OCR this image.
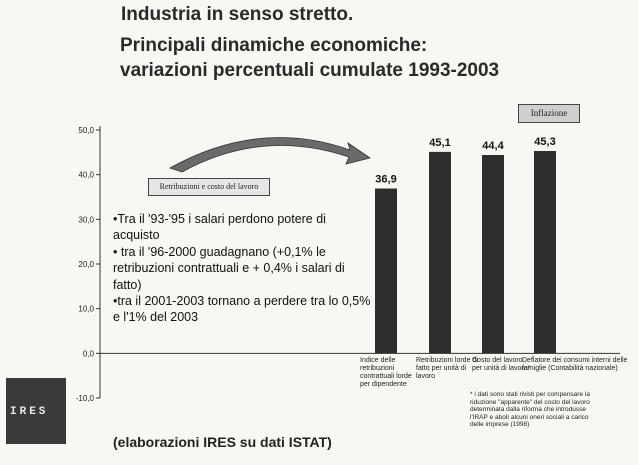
Industria in senso stretto.
Principali dinamiche economiche:
variazioni percentuali cumulate 1993-2003
50,0
40,0
30,0
20,0
10,0
0,0
-10,0
36,9
45,1	44,4	45,3
Retribuzioni e costo del lavoro
Inflazione
•Tra il '93-'95 i salari perdono potere di acquisto
• tra il '96-2000 guadagnano (+0,1% le retribuzioni contrattuali e + 0,4% i salari di fatto)
•tra il 2001-2003 tornano a perdere tra lo 0,5% e l'1% del 2003
Indice delle retribuzioni contrattuali lorde per dipendente
Retribuzioni lorde di fatto per unità di lavoro
Costo del lavoro per unità di lavoro*
Deflatore dei consumi interni delle famiglie (Contabilità nazionale)
* i dati sono stati rivisti per compensare la riduzione "apparente" del costo del lavoro determinata dalla riforma che introdusse l'IRAP e abolì alcuni oneri sociali a carico delle imprese (1998)
IRES
(elaborazioni IRES su dati ISTAT)
